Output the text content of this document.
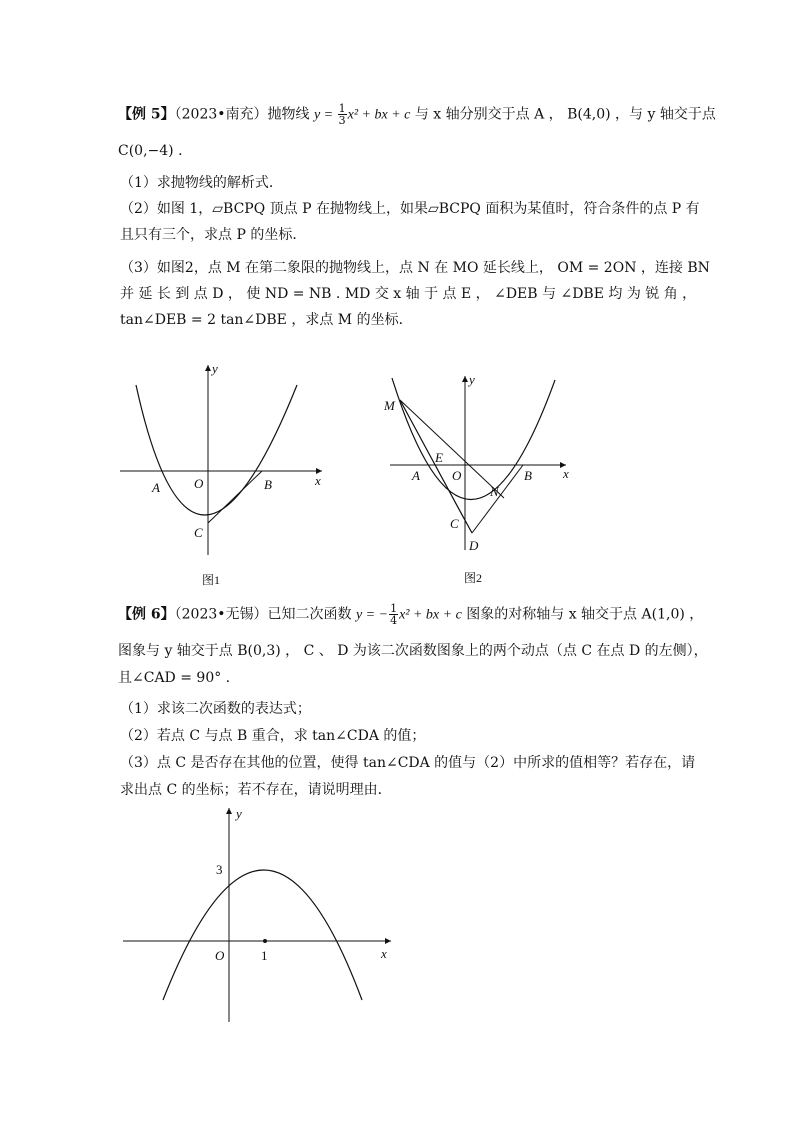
【例 5】（2023•南充）抛物线 $y = \frac{1}{3} x^2$ + bx + c 与 x 轴分别交于点 A ， B(4,0) ，与 y 轴交于点
C(0,−4) .
（1）求抛物线的解析式．
（2）如图 1，▱BCPQ 顶点 P 在抛物线上，如果▱BCPQ 面积为某值时，符合条件的点 P 有
且只有三个，求点 P 的坐标．
（3）如图2，点 M 在第二象限的抛物线上，点 N 在 MO 延长线上， OM = 2ON ，连接 BN
并 延 长 到 点 D ， 使 ND = NB . MD 交 x 轴 于 点 E ， ∠DEB 与 ∠DBE 均 为 锐 角 ，
tan∠DEB = 2 tan∠DBE ，求点 M 的坐标．
y
x
A	O	B
C
图1
y
x
M
E
A O
N
B
C
D
图2
【例 6】（2023•无锡）已知二次函数 y = − $\frac{1}{4} x^2$ + bx + c 图象的对称轴与 x 轴交于点 A(1,0) ，
图象与 y 轴交于点 B(0,3) ， C 、 D 为该二次函数图象上的两个动点（点 C 在点 D 的左侧），
且∠CAD = 90° .
（1）求该二次函数的表达式；
（2）若点 C 与点 B 重合，求 tan∠CDA 的值；
（3）点 C 是否存在其他的位置，使得 tan∠CDA 的值与（2）中所求的值相等？若存在，请
求出点 C 的坐标；若不存在，请说明理由．
y
x
3
O	1
